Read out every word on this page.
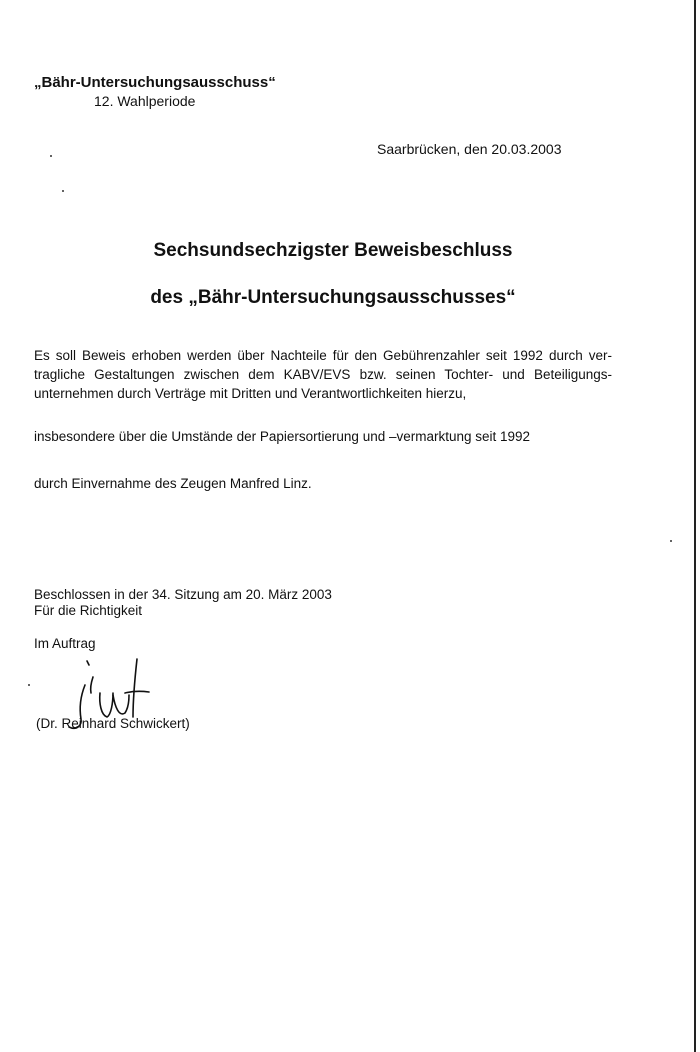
„Bähr-Untersuchungsausschuss“
12. Wahlperiode
Saarbrücken, den 20.03.2003
Sechsundsechzigster Beweisbeschluss
des „Bähr-Untersuchungsausschusses“
Es soll Beweis erhoben werden über Nachteile für den Gebührenzahler seit 1992 durch ver-
tragliche Gestaltungen zwischen dem KABV/EVS bzw. seinen Tochter- und Beteiligungs-
unternehmen durch Verträge mit Dritten und Verantwortlichkeiten hierzu,
insbesondere über die Umstände der Papiersortierung und –vermarktung seit 1992
durch Einvernahme des Zeugen Manfred Linz.
Beschlossen in der 34. Sitzung am 20. März 2003
Für die Richtigkeit
Im Auftrag
(Dr. Reinhard Schwickert)
